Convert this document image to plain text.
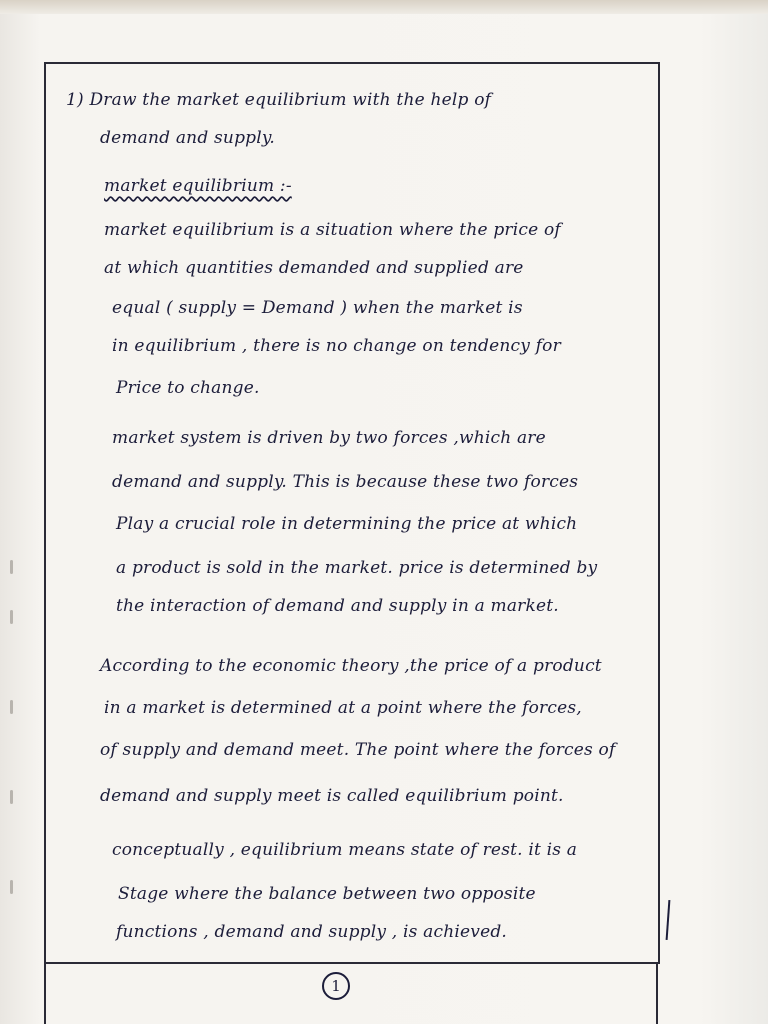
1) Draw the market equilibrium with the help of
demand and supply.
market equilibrium :-
market equilibrium is a situation where the price of
at which quantities demanded and supplied are
equal ( supply = Demand ) when the market is
in equilibrium , there is no change on tendency for
Price to change.
market system is driven by two forces ,which are
demand and supply. This is because these two forces
Play a crucial role in determining the price at which
a product is sold in the market. price is determined by
the interaction of demand and supply in a market.
According to the economic theory ,the price of a product
in a market is determined at a point where the forces,
of supply and demand meet. The point where the forces of
demand and supply meet is called equilibrium point.
conceptually , equilibrium means state of rest. it is a
Stage where the balance between two opposite
functions , demand and supply , is achieved.
1
